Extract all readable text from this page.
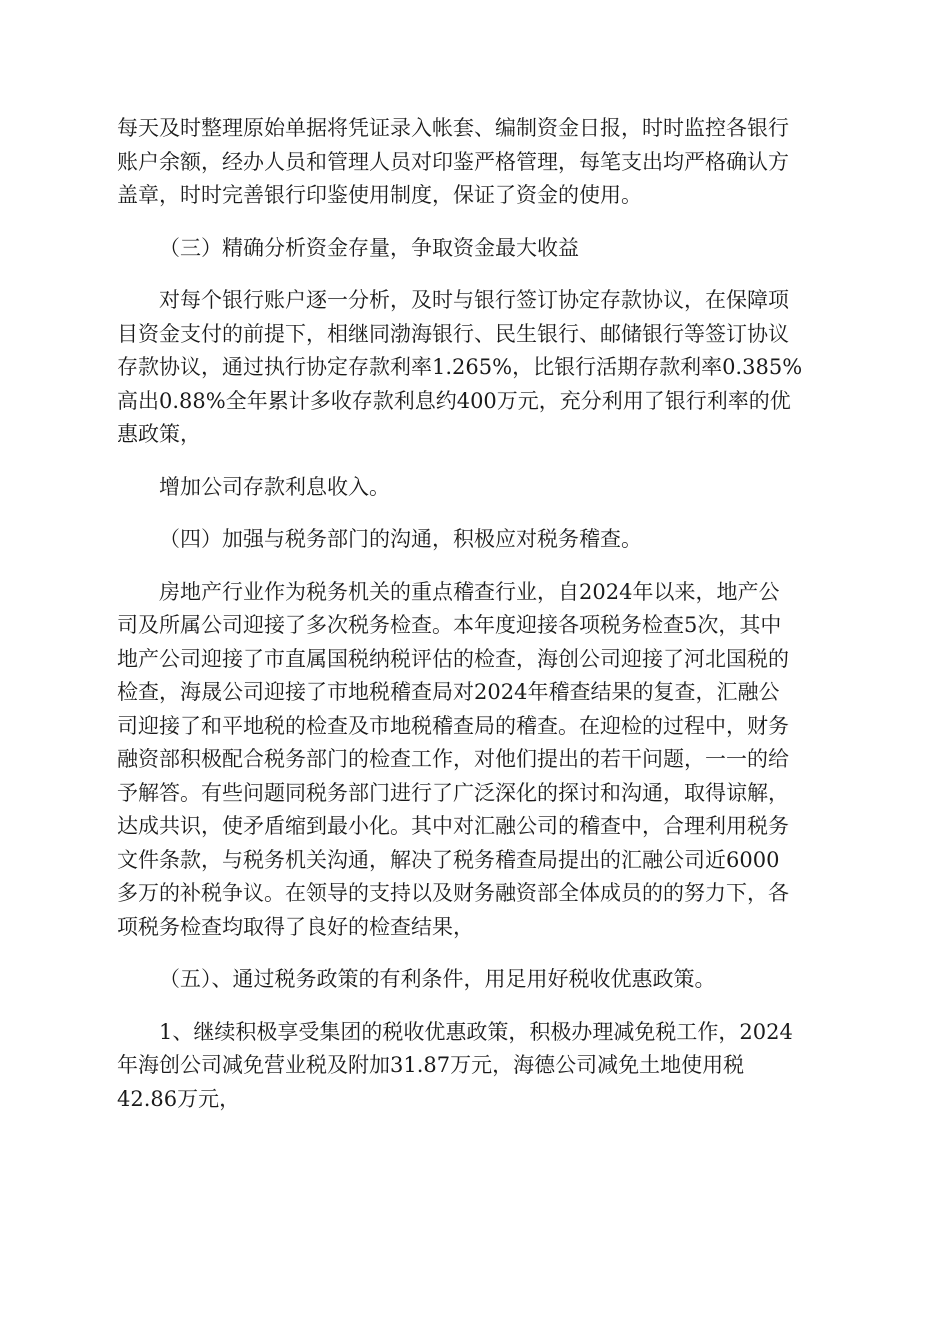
每天及时整理原始单据将凭证录入帐套、编制资金日报，时时监控各银行
账户余额，经办人员和管理人员对印鉴严格管理，每笔支出均严格确认方
盖章，时时完善银行印鉴使用制度，保证了资金的使用。

（三）精确分析资金存量，争取资金最大收益

对每个银行账户逐一分析，及时与银行签订协定存款协议，在保障项
目资金支付的前提下，相继同渤海银行、民生银行、邮储银行等签订协议
存款协议，通过执行协定存款利率1.265%，比银行活期存款利率0.385%
高出0.88%全年累计多收存款利息约400万元，充分利用了银行利率的优
惠政策，

增加公司存款利息收入。

（四）加强与税务部门的沟通，积极应对税务稽查。

房地产行业作为税务机关的重点稽查行业，自2024年以来，地产公
司及所属公司迎接了多次税务检查。本年度迎接各项税务检查5次，其中
地产公司迎接了市直属国税纳税评估的检查，海创公司迎接了河北国税的
检查，海晟公司迎接了市地税稽查局对2024年稽查结果的复查，汇融公
司迎接了和平地税的检查及市地税稽查局的稽查。在迎检的过程中，财务
融资部积极配合税务部门的检查工作，对他们提出的若干问题，一一的给
予解答。有些问题同税务部门进行了广泛深化的探讨和沟通，取得谅解，
达成共识，使矛盾缩到最小化。其中对汇融公司的稽查中，合理利用税务
文件条款，与税务机关沟通，解决了税务稽查局提出的汇融公司近6000
多万的补税争议。在领导的支持以及财务融资部全体成员的的努力下，各
项税务检查均取得了良好的检查结果，

（五）、通过税务政策的有利条件，用足用好税收优惠政策。

1、继续积极享受集团的税收优惠政策，积极办理减免税工作，2024
年海创公司减免营业税及附加31.87万元，海德公司减免土地使用税
42.86万元，
